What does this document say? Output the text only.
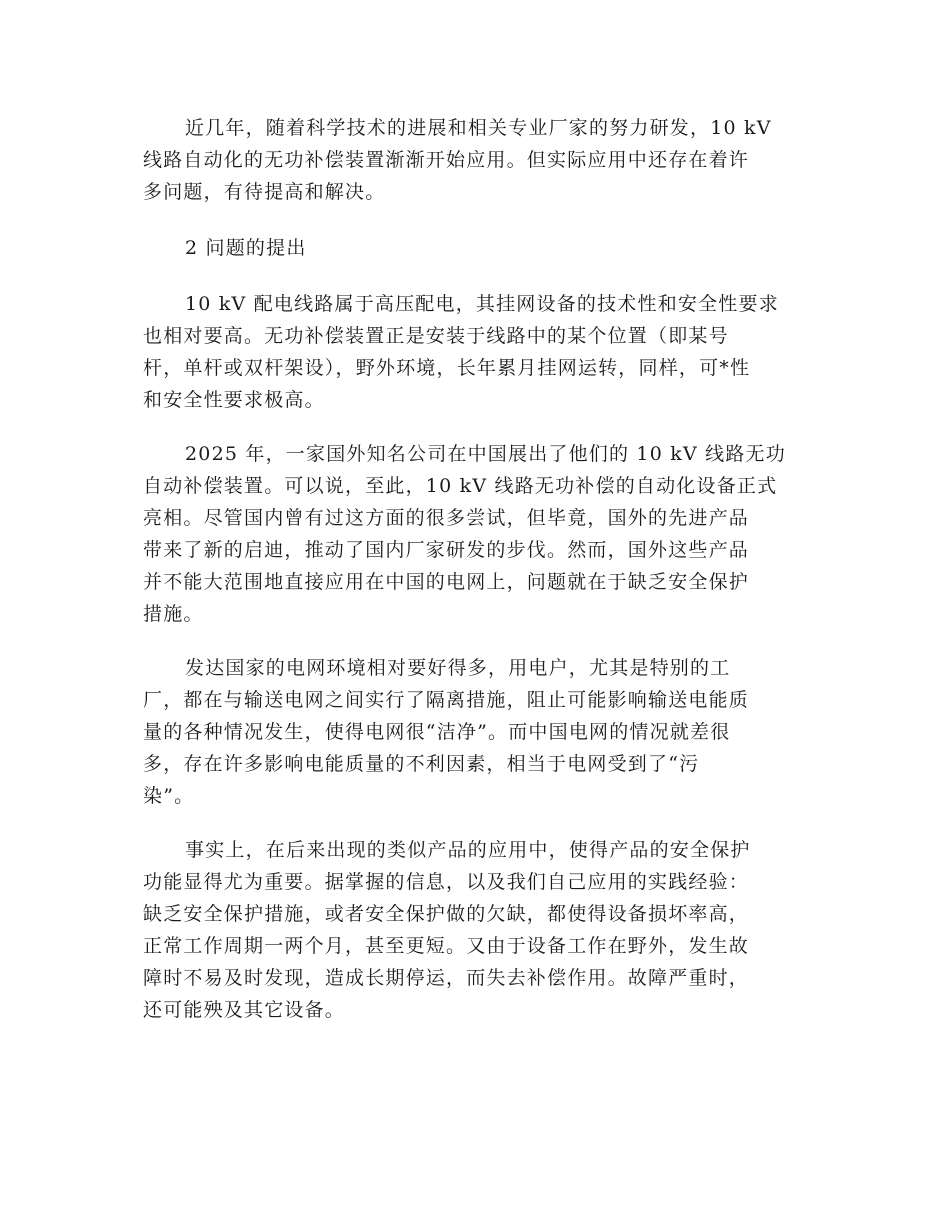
近几年，随着科学技术的进展和相关专业厂家的努力研发，10 kV
线路自动化的无功补偿装置渐渐开始应用。但实际应用中还存在着许
多问题，有待提高和解决。

2 问题的提出

10 kV 配电线路属于高压配电，其挂网设备的技术性和安全性要求
也相对要高。无功补偿装置正是安装于线路中的某个位置（即某号
杆，单杆或双杆架设），野外环境，长年累月挂网运转，同样，可*性
和安全性要求极高。

2025 年，一家国外知名公司在中国展出了他们的 10 kV 线路无功
自动补偿装置。可以说，至此，10 kV 线路无功补偿的自动化设备正式
亮相。尽管国内曾有过这方面的很多尝试，但毕竟，国外的先进产品
带来了新的启迪，推动了国内厂家研发的步伐。然而，国外这些产品
并不能大范围地直接应用在中国的电网上，问题就在于缺乏安全保护
措施。

发达国家的电网环境相对要好得多，用电户，尤其是特别的工
厂，都在与输送电网之间实行了隔离措施，阻止可能影响输送电能质
量的各种情况发生，使得电网很“洁净”。而中国电网的情况就差很
多，存在许多影响电能质量的不利因素，相当于电网受到了“污
染”。

事实上，在后来出现的类似产品的应用中，使得产品的安全保护
功能显得尤为重要。据掌握的信息，以及我们自己应用的实践经验：
缺乏安全保护措施，或者安全保护做的欠缺，都使得设备损坏率高，
正常工作周期一两个月，甚至更短。又由于设备工作在野外，发生故
障时不易及时发现，造成长期停运，而失去补偿作用。故障严重时，
还可能殃及其它设备。
